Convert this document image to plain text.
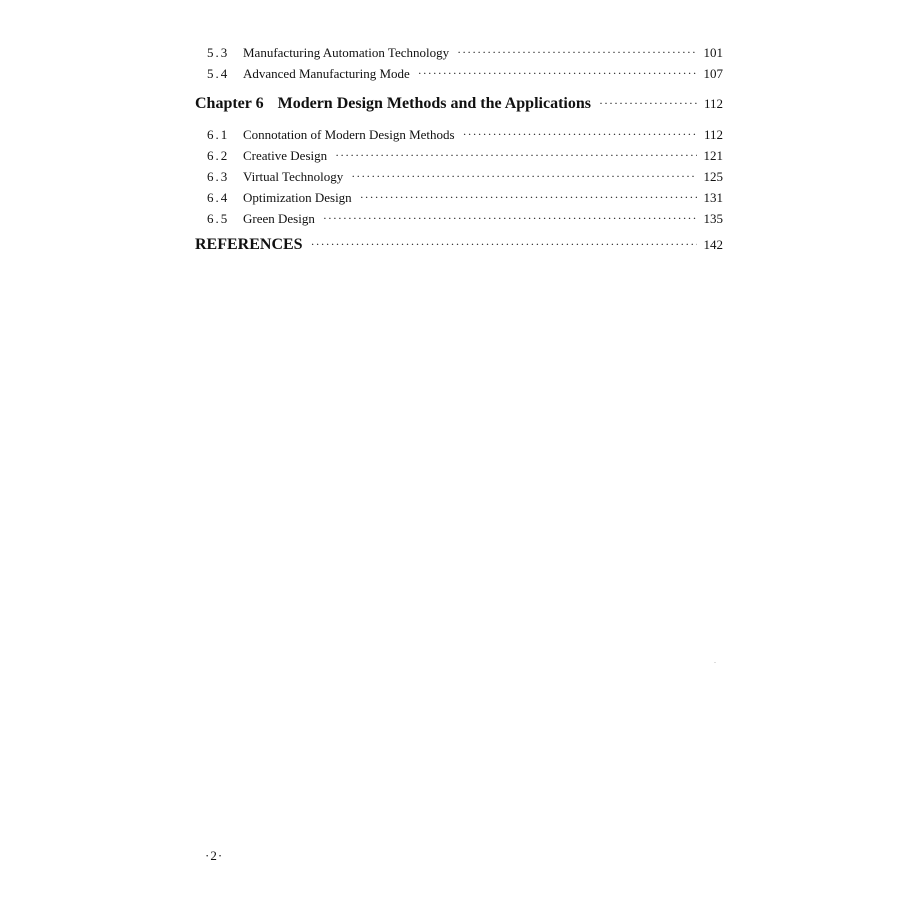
5.3	Manufacturing Automation Technology ·····	101
5.4	Advanced Manufacturing Mode ·····	107
Chapter 6 Modern Design Methods and the Applications ·····	112
6.1	Connotation of Modern Design Methods ·····	112
6.2	Creative Design ·····	121
6.3	Virtual Technology ·····	125
6.4	Optimization Design ·····	131
6.5	Green Design ·····	135
REFERENCES ·····	142
·2·
